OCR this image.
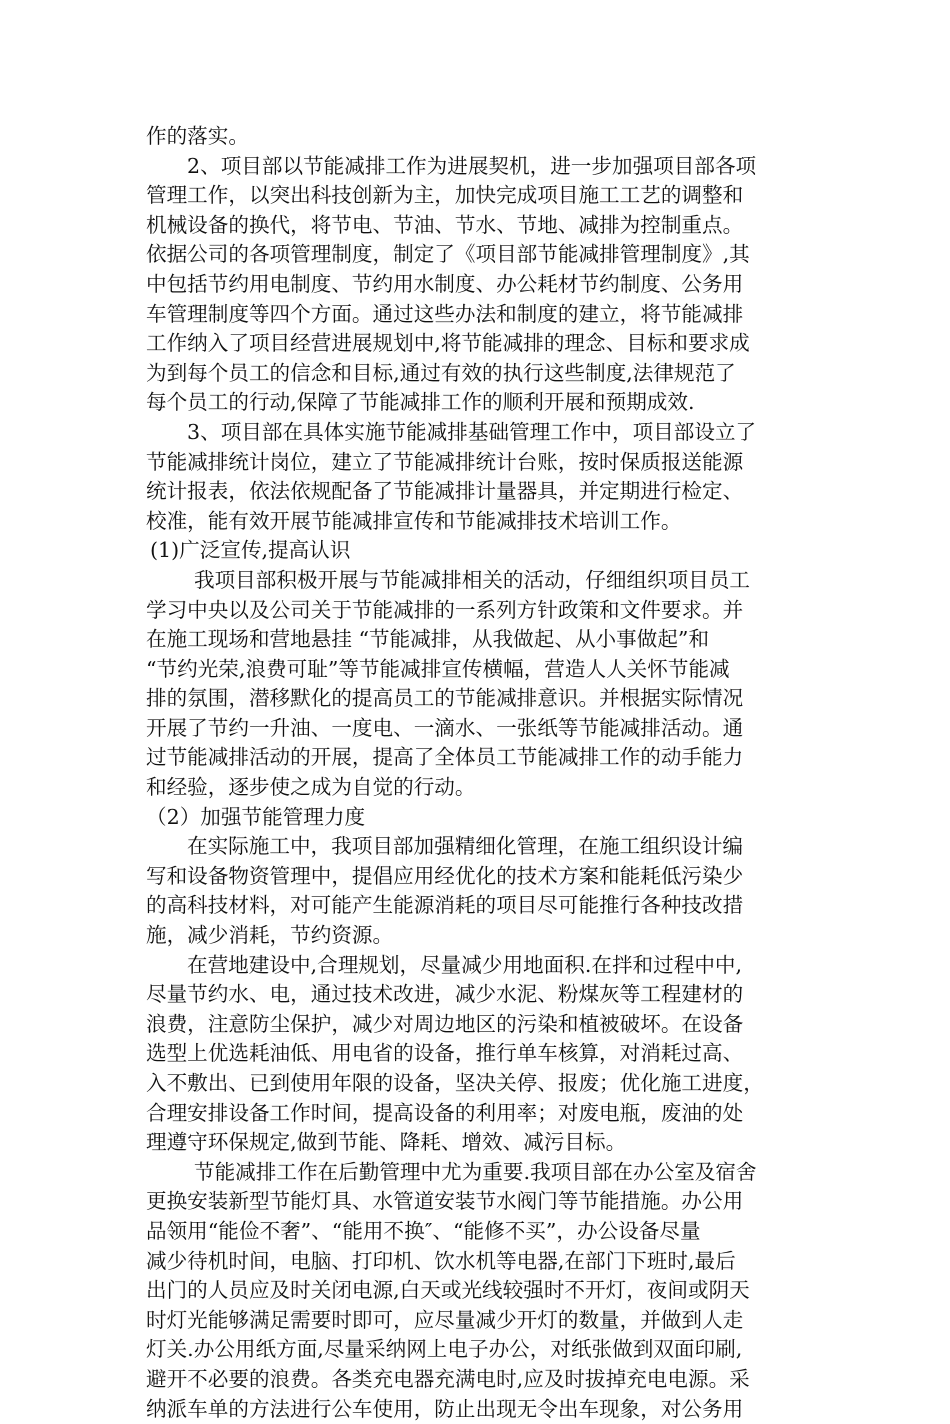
作的落实。
2、项目部以节能减排工作为进展契机，进一步加强项目部各项
管理工作，以突出科技创新为主，加快完成项目施工工艺的调整和
机械设备的换代，将节电、节油、节水、节地、减排为控制重点。
依据公司的各项管理制度，制定了《项目部节能减排管理制度》,其
中包括节约用电制度、节约用水制度、办公耗材节约制度、公务用
车管理制度等四个方面。通过这些办法和制度的建立，将节能减排
工作纳入了项目经营进展规划中,将节能减排的理念、目标和要求成
为到每个员工的信念和目标,通过有效的执行这些制度,法律规范了
每个员工的行动,保障了节能减排工作的顺利开展和预期成效.
3、项目部在具体实施节能减排基础管理工作中，项目部设立了
节能减排统计岗位，建立了节能减排统计台账，按时保质报送能源
统计报表，依法依规配备了节能减排计量器具，并定期进行检定、
校准，能有效开展节能减排宣传和节能减排技术培训工作。
(1)广泛宣传,提高认识
我项目部积极开展与节能减排相关的活动，仔细组织项目员工
学习中央以及公司关于节能减排的一系列方针政策和文件要求。并
在施工现场和营地悬挂 “节能减排，从我做起、从小事做起”和
“节约光荣,浪费可耻”等节能减排宣传横幅，营造人人关怀节能减
排的氛围，潜移默化的提高员工的节能减排意识。并根据实际情况
开展了节约一升油、一度电、一滴水、一张纸等节能减排活动。通
过节能减排活动的开展，提高了全体员工节能减排工作的动手能力
和经验，逐步使之成为自觉的行动。
（2）加强节能管理力度
在实际施工中，我项目部加强精细化管理，在施工组织设计编
写和设备物资管理中，提倡应用经优化的技术方案和能耗低污染少
的高科技材料，对可能产生能源消耗的项目尽可能推行各种技改措
施，减少消耗，节约资源。
在营地建设中,合理规划，尽量减少用地面积.在拌和过程中中,
尽量节约水、电，通过技术改进，减少水泥、粉煤灰等工程建材的
浪费，注意防尘保护，减少对周边地区的污染和植被破坏。在设备
选型上优选耗油低、用电省的设备，推行单车核算，对消耗过高、
入不敷出、已到使用年限的设备，坚决关停、报废；优化施工进度，
合理安排设备工作时间，提高设备的利用率；对废电瓶，废油的处
理遵守环保规定,做到节能、降耗、增效、减污目标。
节能减排工作在后勤管理中尤为重要.我项目部在办公室及宿舍
更换安装新型节能灯具、水管道安装节水阀门等节能措施。办公用
品领用“能俭不奢”、“能用不换″、“能修不买”，办公设备尽量
减少待机时间，电脑、打印机、饮水机等电器,在部门下班时,最后
出门的人员应及时关闭电源,白天或光线较强时不开灯，夜间或阴天
时灯光能够满足需要时即可，应尽量减少开灯的数量，并做到人走
灯关.办公用纸方面,尽量采纳网上电子办公，对纸张做到双面印刷,
避开不必要的浪费。各类充电器充满电时,应及时拔掉充电电源。采
纳派车单的方法进行公车使用，防止出现无令出车现象，对公务用
